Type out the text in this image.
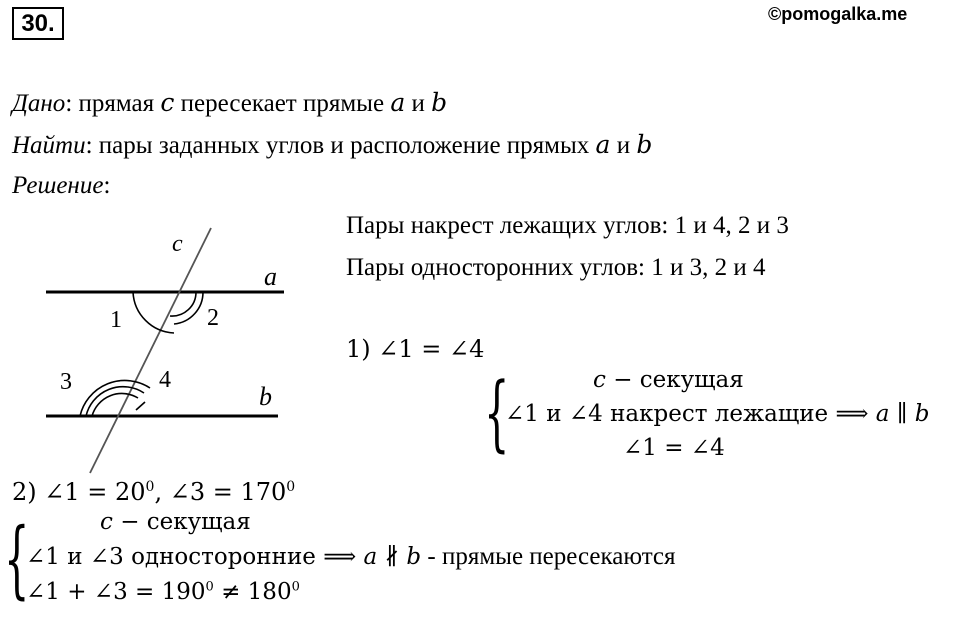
30.	©pomogalka.me
Дано: прямая c пересекает прямые a и b
Найти: пары заданных углов и расположение прямых a и b
Решение:
c
a
b
1	2
3	4
Пары накрест лежащих углов: 1 и 4, 2 и 3
Пары односторонних углов: 1 и 3, 2 и 4
1) ∠1 = ∠4
{	𝑐 − секущая
∠1 и ∠4 накрест лежащие ⟹ 𝑎 ∥ 𝑏
∠1 = ∠4
2) ∠1 = $20^0$, ∠3 = $170^0$
{	𝑐 − секущая
∠1 и ∠3 односторонние ⟹ 𝑎 ∦ 𝑏 - прямые пересекаются
∠1 + ∠3 = $190^0 \ne 180^0$
